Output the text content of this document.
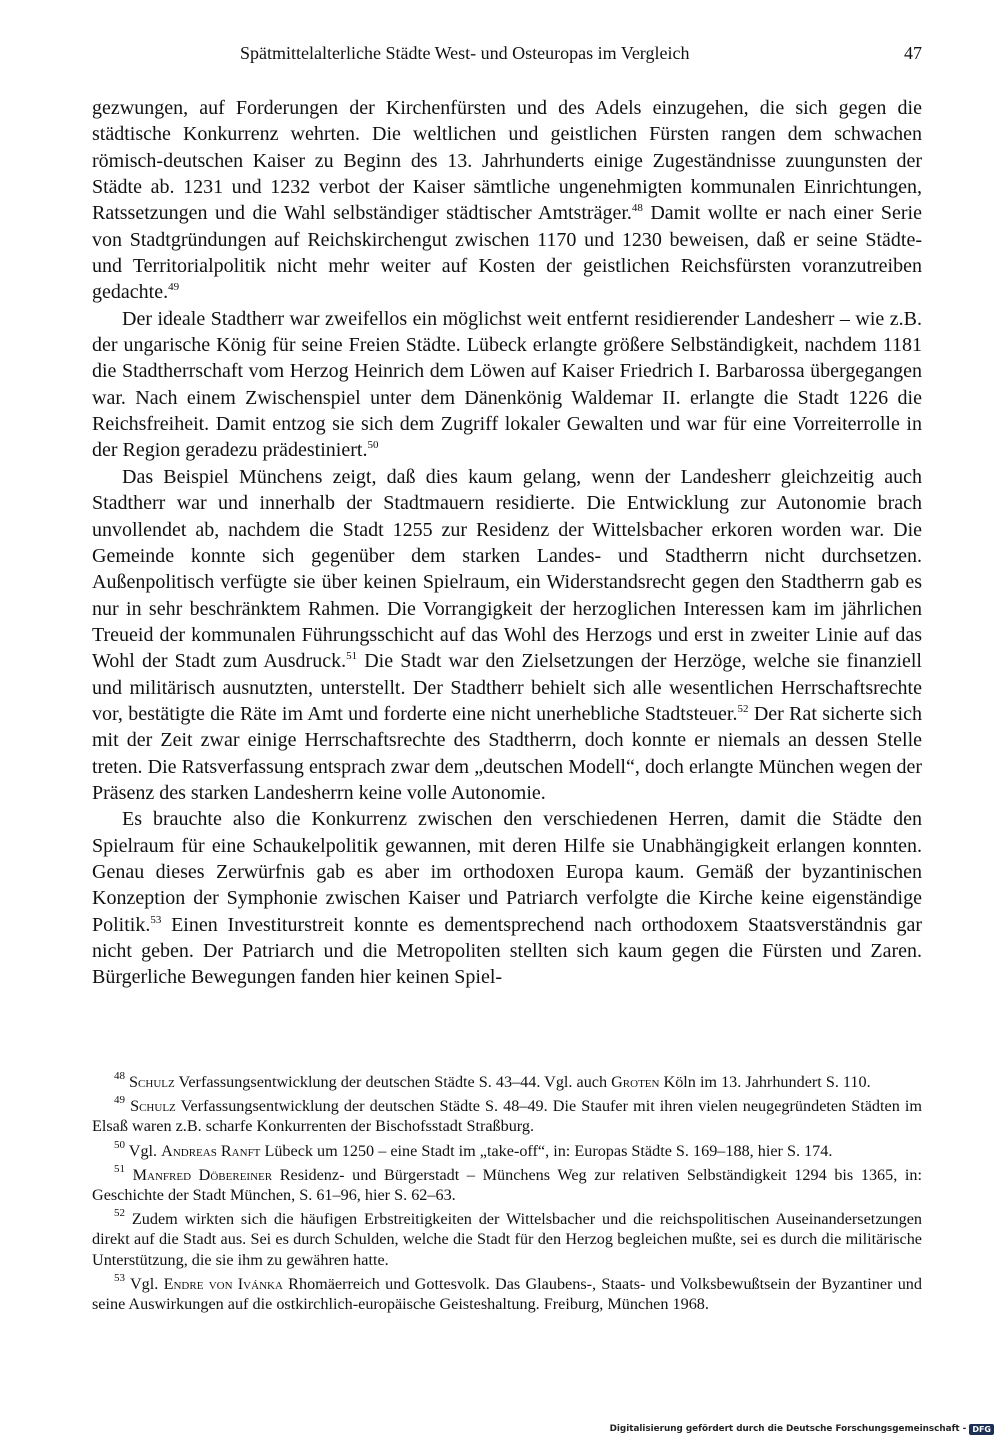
Spätmittelalterliche Städte West- und Osteuropas im Vergleich	47

gezwungen, auf Forderungen der Kirchenfürsten und des Adels einzugehen, die sich gegen die städtische Konkurrenz wehrten. Die weltlichen und geistlichen Fürsten rangen dem schwachen römisch-deutschen Kaiser zu Beginn des 13. Jahrhunderts einige Zugeständnisse zuungunsten der Städte ab. 1231 und 1232 verbot der Kaiser sämtliche ungenehmigten kommunalen Einrichtungen, Ratssetzungen und die Wahl selbständiger städtischer Amtsträger.$^{48}$ Damit wollte er nach einer Serie von Stadtgründungen auf Reichskirchengut zwischen 1170 und 1230 beweisen, daß er seine Städte- und Territorialpolitik nicht mehr weiter auf Kosten der geistlichen Reichsfürsten voranzutreiben gedachte.$^{49}$

Der ideale Stadtherr war zweifellos ein möglichst weit entfernt residierender Landesherr – wie z.B. der ungarische König für seine Freien Städte. Lübeck erlangte größere Selbständigkeit, nachdem 1181 die Stadtherrschaft vom Herzog Heinrich dem Löwen auf Kaiser Friedrich I. Barbarossa übergegangen war. Nach einem Zwischenspiel unter dem Dänenkönig Waldemar II. erlangte die Stadt 1226 die Reichsfreiheit. Damit entzog sie sich dem Zugriff lokaler Gewalten und war für eine Vorreiterrolle in der Region geradezu prädestiniert.$^{50}$

Das Beispiel Münchens zeigt, daß dies kaum gelang, wenn der Landesherr gleichzeitig auch Stadtherr war und innerhalb der Stadtmauern residierte. Die Entwicklung zur Autonomie brach unvollendet ab, nachdem die Stadt 1255 zur Residenz der Wittelsbacher erkoren worden war. Die Gemeinde konnte sich gegenüber dem starken Landes- und Stadtherrn nicht durchsetzen. Außenpolitisch verfügte sie über keinen Spielraum, ein Widerstandsrecht gegen den Stadtherrn gab es nur in sehr beschränktem Rahmen. Die Vorrangigkeit der herzoglichen Interessen kam im jährlichen Treueid der kommunalen Führungsschicht auf das Wohl des Herzogs und erst in zweiter Linie auf das Wohl der Stadt zum Ausdruck.$^{51}$ Die Stadt war den Zielsetzungen der Herzöge, welche sie finanziell und militärisch ausnutzten, unterstellt. Der Stadtherr behielt sich alle wesentlichen Herrschaftsrechte vor, bestätigte die Räte im Amt und forderte eine nicht unerhebliche Stadtsteuer.$^{52}$ Der Rat sicherte sich mit der Zeit zwar einige Herrschaftsrechte des Stadtherrn, doch konnte er niemals an dessen Stelle treten. Die Ratsverfassung entsprach zwar dem „deutschen Modell“, doch erlangte München wegen der Präsenz des starken Landesherrn keine volle Autonomie.

Es brauchte also die Konkurrenz zwischen den verschiedenen Herren, damit die Städte den Spielraum für eine Schaukelpolitik gewannen, mit deren Hilfe sie Unabhängigkeit erlangen konnten. Genau dieses Zerwürfnis gab es aber im orthodoxen Europa kaum. Gemäß der byzantinischen Konzeption der Symphonie zwischen Kaiser und Patriarch verfolgte die Kirche keine eigenständige Politik.$^{53}$ Einen Investiturstreit konnte es dementsprechend nach orthodoxem Staatsverständnis gar nicht geben. Der Patriarch und die Metropoliten stellten sich kaum gegen die Fürsten und Zaren. Bürgerliche Bewegungen fanden hier keinen Spiel-

$^{48}$ Schulz Verfassungsentwicklung der deutschen Städte S. 43–44. Vgl. auch Groten Köln im 13. Jahrhundert S. 110.

$^{49}$ Schulz Verfassungsentwicklung der deutschen Städte S. 48–49. Die Staufer mit ihren vielen neugegründeten Städten im Elsaß waren z.B. scharfe Konkurrenten der Bischofsstadt Straßburg.

$^{50}$ Vgl. Andreas Ranft Lübeck um 1250 – eine Stadt im „take-off“, in: Europas Städte S. 169–188, hier S. 174.

$^{51}$ Manfred Döbereiner Residenz- und Bürgerstadt – Münchens Weg zur relativen Selbständigkeit 1294 bis 1365, in: Geschichte der Stadt München, S. 61–96, hier S. 62–63.

$^{52}$ Zudem wirkten sich die häufigen Erbstreitigkeiten der Wittelsbacher und die reichspolitischen Auseinandersetzungen direkt auf die Stadt aus. Sei es durch Schulden, welche die Stadt für den Herzog begleichen mußte, sei es durch die militärische Unterstützung, die sie ihm zu gewähren hatte.

$^{53}$ Vgl. Endre von Ivánka Rhomäerreich und Gottesvolk. Das Glaubens-, Staats- und Volksbewußtsein der Byzantiner und seine Auswirkungen auf die ostkirchlich-europäische Geisteshaltung. Freiburg, München 1968.

Digitalisierung gefördert durch die Deutsche Forschungsgemeinschaft - DFG
